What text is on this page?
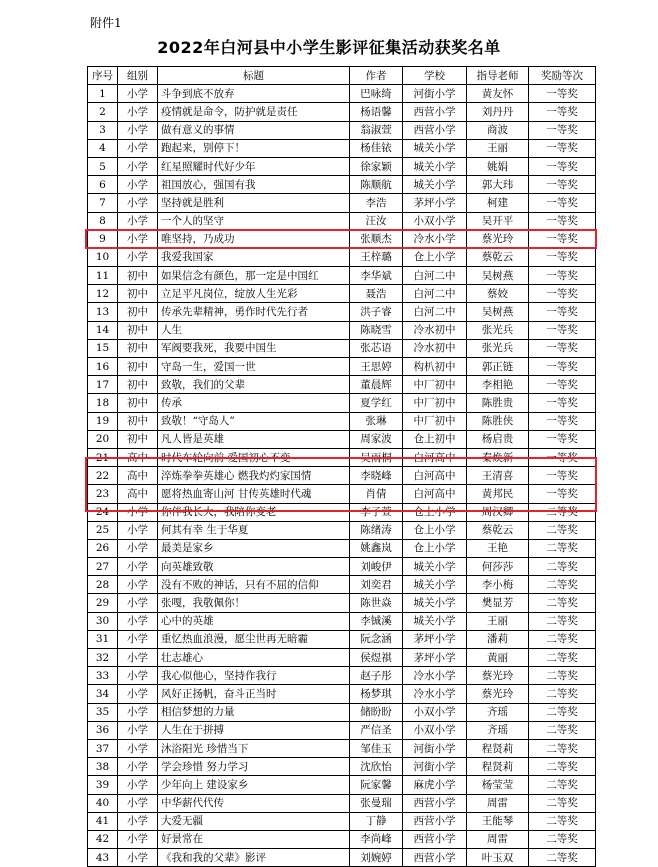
附件1
2022年白河县中小学生影评征集活动获奖名单
序号	组别	标题	作者	学校	指导老师	奖励等次
1	小学	斗争到底不放弃	巴咏绮	河街小学	黄友怀	一等奖
2	小学	疫情就是命令，防护就是责任	杨语馨	西营小学	刘丹丹	一等奖
3	小学	做有意义的事情	翁淑萱	西营小学	商波	一等奖
4	小学	跑起来，别停下！	杨佳铱	城关小学	王丽	一等奖
5	小学	红星照耀时代好少年	徐家颖	城关小学	姚娟	一等奖
6	小学	祖国放心，强国有我	陈顺航	城关小学	郭大玮	一等奖
7	小学	坚持就是胜利	李浩	茅坪小学	柯建	一等奖
8	小学	一个人的坚守	汪汝	小双小学	吴开平	一等奖
9	小学	唯坚持，乃成功	张顺杰	冷水小学	蔡光玲	一等奖
10	小学	我爱我国家	王梓璐	仓上小学	蔡乾云	一等奖
11	初中	如果信念有颜色，那一定是中国红	李华斌	白河二中	吴树燕	一等奖
12	初中	立足平凡岗位，绽放人生光彩	聂浩	白河二中	蔡姣	一等奖
13	初中	传承先辈精神，勇作时代先行者	洪子睿	白河二中	吴树燕	一等奖
14	初中	人生	陈晓雪	冷水初中	张光兵	一等奖
15	初中	军阀要我死，我要中国生	张芯语	冷水初中	张光兵	一等奖
16	初中	守岛一生，爱国一世	王思婷	构朳初中	郭正链	一等奖
17	初中	致敬，我们的父辈	董晨辉	中厂初中	李相艳	一等奖
18	初中	传承	夏学红	中厂初中	陈胜贵	一等奖
19	初中	致敬！“守岛人”	张琳	中厂初中	陈胜侠	一等奖
20	初中	凡人皆是英雄	周家波	仓上初中	杨启贵	一等奖
21	高中	时代车轮向前 爱国初心不变	吴雨桐	白河高中	秦焕新	一等奖
22	高中	淬炼拳拳英雄心 燃我灼灼家国情	李晓峰	白河高中	王清喜	一等奖
23	高中	愿将热血寄山河 甘传英雄时代魂	肖倩	白河高中	黄邦民	一等奖
24	小学	你伴我长大，我陪你变老	李子萱	仓上小学	周汉卿	二等奖
25	小学	何其有幸 生于华夏	陈绪涛	仓上小学	蔡乾云	二等奖
26	小学	最美是家乡	姚鑫岚	仓上小学	王艳	二等奖
27	小学	向英雄致敬	刘峻伊	城关小学	何莎莎	二等奖
28	小学	没有不败的神话，只有不屈的信仰	刘奕君	城关小学	李小梅	二等奖
29	小学	张嘎，我敬佩你！	陈世焱	城关小学	樊显芳	二等奖
30	小学	心中的英雄	李铖溪	城关小学	王丽	二等奖
31	小学	重忆热血浪漫，愿尘世再无暗霾	阮念涵	茅坪小学	潘莉	二等奖
32	小学	壮志雄心	侯煜祺	茅坪小学	黄丽	二等奖
33	小学	我心似他心，坚持作我行	赵子彤	冷水小学	蔡光玲	二等奖
34	小学	风好正扬帆，奋斗正当时	杨梦琪	冷水小学	蔡光玲	二等奖
35	小学	相信梦想的力量	储盼盼	小双小学	齐瑶	二等奖
36	小学	人生在于拼搏	严信圣	小双小学	齐瑶	二等奖
37	小学	沐浴阳光 珍惜当下	邹佳玉	河街小学	程贤莉	二等奖
38	小学	学会珍惜 努力学习	沈欣怡	河街小学	程贤莉	二等奖
39	小学	少年向上 建设家乡	阮家馨	麻虎小学	杨莹莹	二等奖
40	小学	中华薪代代传	张曼瑞	西营小学	周雷	二等奖
41	小学	大爱无疆	丁静	西营小学	王能琴	二等奖
42	小学	好景常在	李尚峰	西营小学	周雷	二等奖
43	小学	《我和我的父辈》影评	刘婉婷	西营小学	叶玉双	二等奖
